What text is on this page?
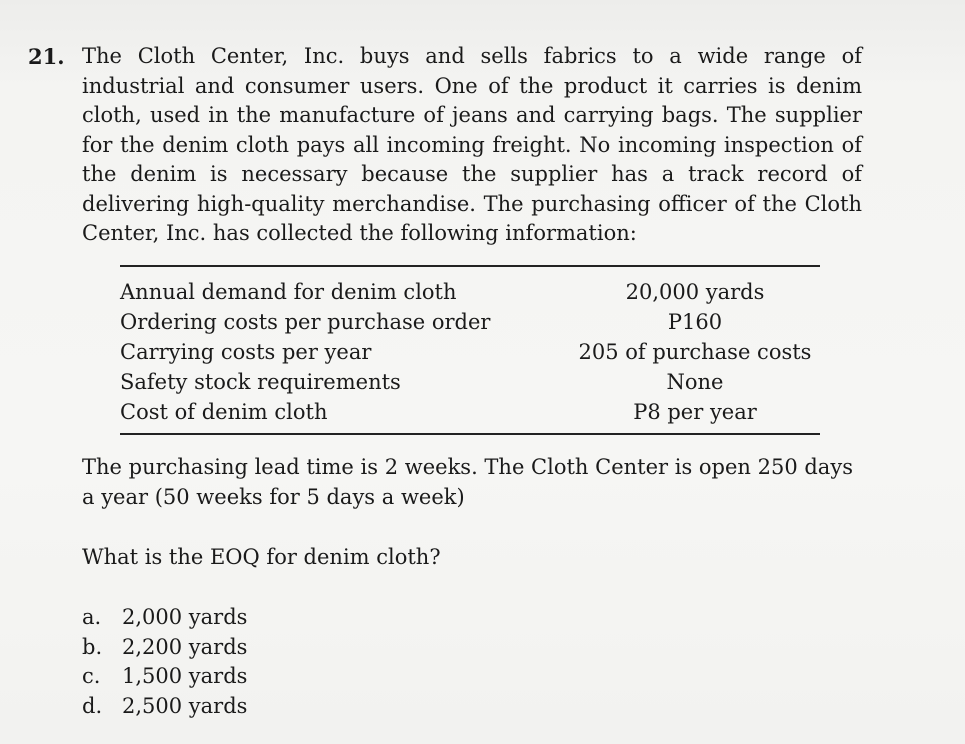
21. The Cloth Center, Inc. buys and sells fabrics to a wide range of industrial and consumer users. One of the product it carries is denim cloth, used in the manufacture of jeans and carrying bags. The supplier for the denim cloth pays all incoming freight. No incoming inspection of the denim is necessary because the supplier has a track record of delivering high-quality merchandise. The purchasing officer of the Cloth Center, Inc. has collected the following information:
Annual demand for denim cloth	20,000 yards
Ordering costs per purchase order	P160
Carrying costs per year	205 of purchase costs
Safety stock requirements	None
Cost of denim cloth	P8 per year
The purchasing lead time is 2 weeks. The Cloth Center is open 250 days a year (50 weeks for 5 days a week)
What is the EOQ for denim cloth?
a. 2,000 yards
b. 2,200 yards
c.	1,500 yards
d. 2,500 yards
